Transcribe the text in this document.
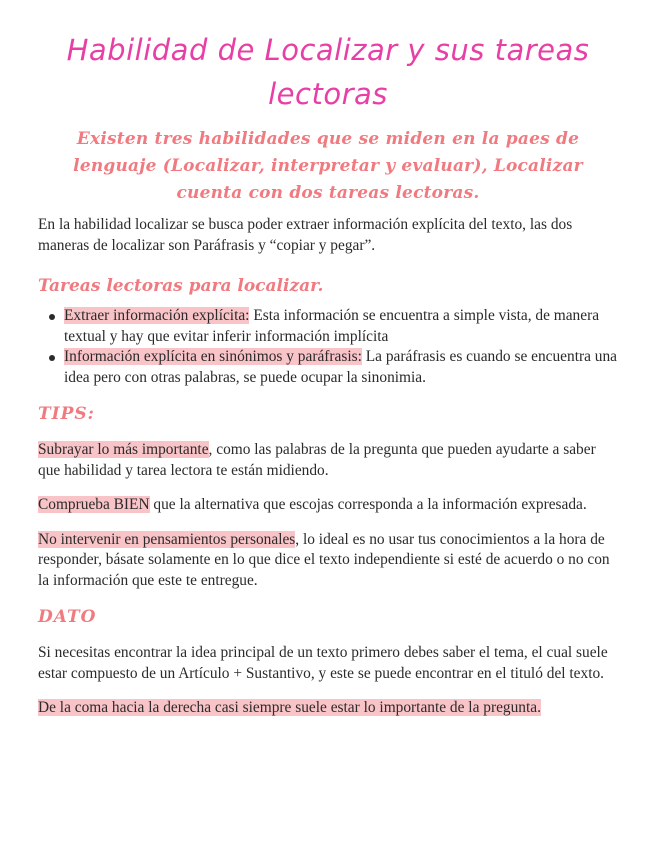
Habilidad de Localizar y sus tareas lectoras

Existen tres habilidades que se miden en la paes de lenguaje (Localizar, interpretar y evaluar), Localizar cuenta con dos tareas lectoras.

En la habilidad localizar se busca poder extraer información explícita del texto, las dos maneras de localizar son Paráfrasis y “copiar y pegar”.

Tareas lectoras para localizar.
Extraer información explícita: Esta información se encuentra a simple vista, de manera textual y hay que evitar inferir información implícita
Información explícita en sinónimos y paráfrasis: La paráfrasis es cuando se encuentra una idea pero con otras palabras, se puede ocupar la sinonimia.
TIPS:

Subrayar lo más importante, como las palabras de la pregunta que pueden ayudarte a saber que habilidad y tarea lectora te están midiendo.

Comprueba BIEN que la alternativa que escojas corresponda a la información expresada.

No intervenir en pensamientos personales, lo ideal es no usar tus conocimientos a la hora de responder, básate solamente en lo que dice el texto independiente si esté de acuerdo o no con la información que este te entregue.

DATO

Si necesitas encontrar la idea principal de un texto primero debes saber el tema, el cual suele estar compuesto de un Artículo + Sustantivo, y este se puede encontrar en el tituló del texto.

De la coma hacia la derecha casi siempre suele estar lo importante de la pregunta.
